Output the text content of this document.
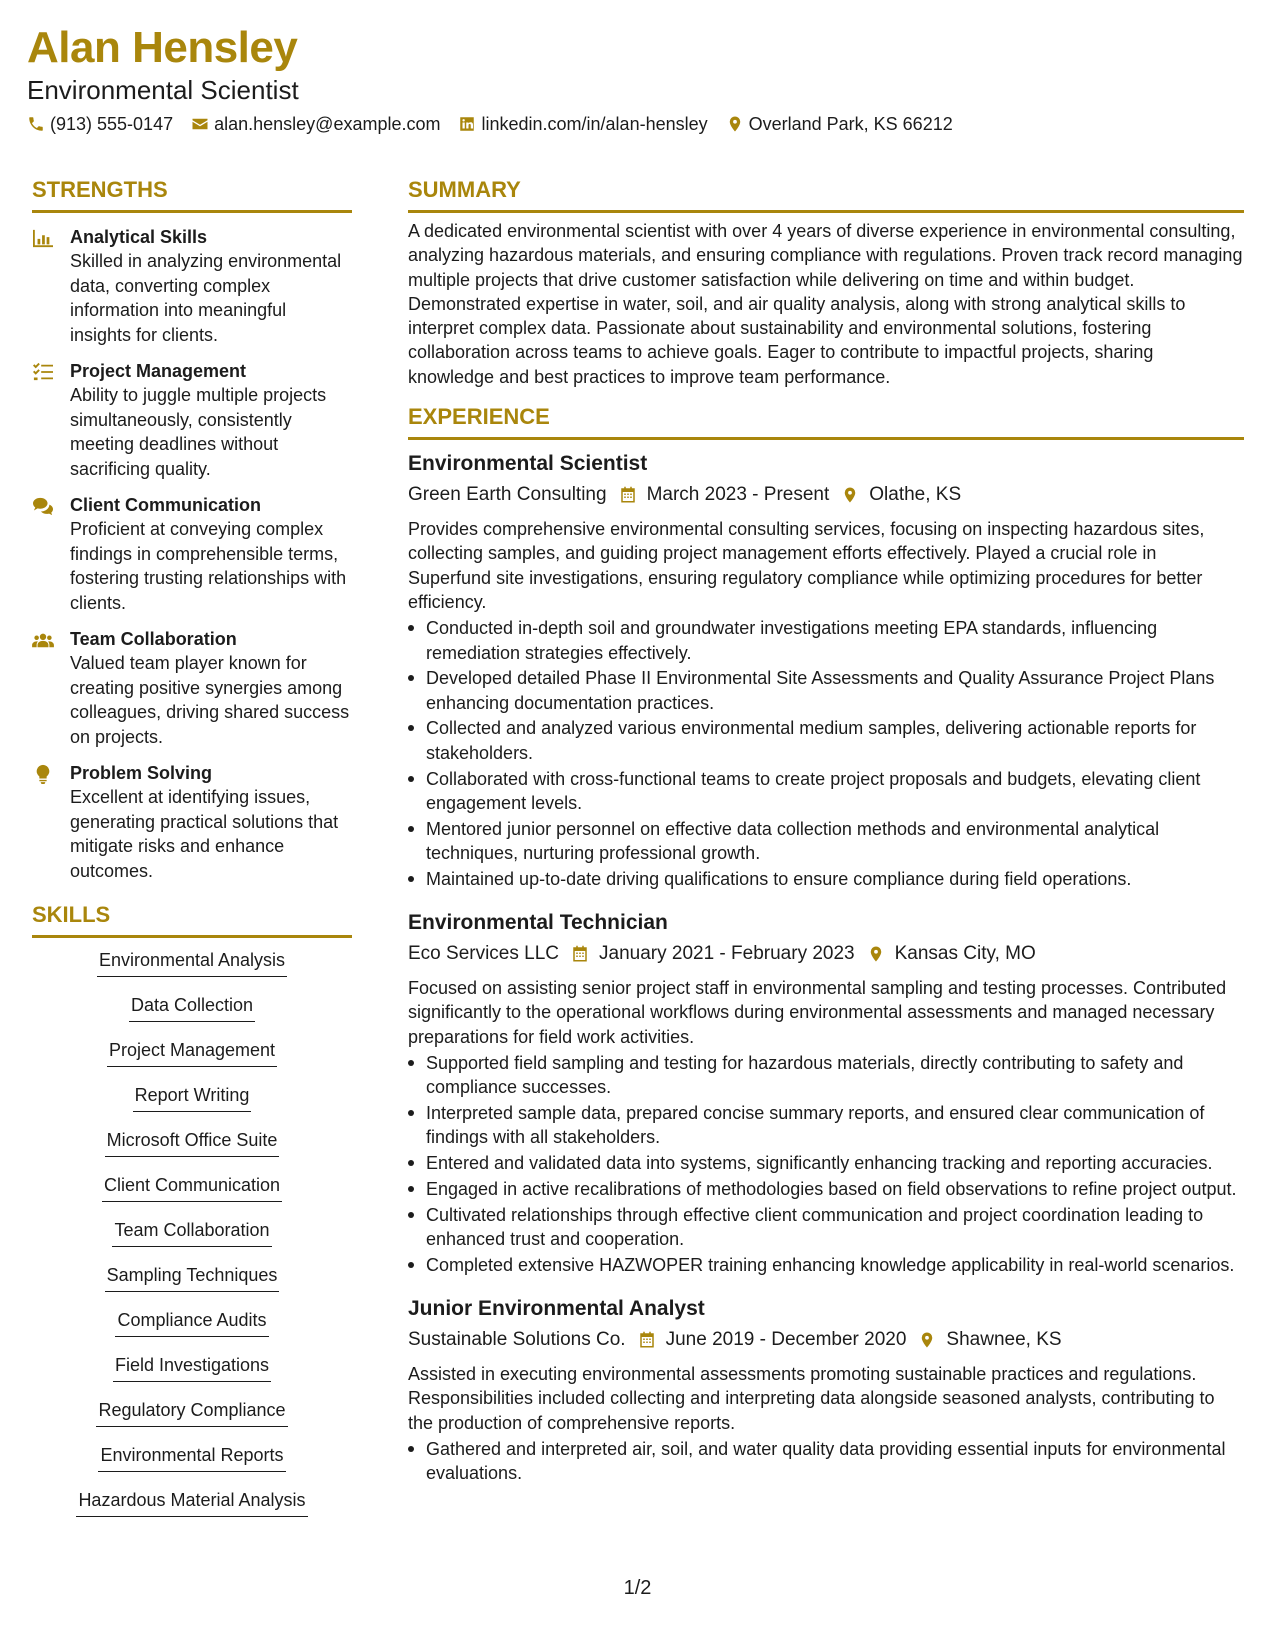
Alan Hensley
Environmental Scientist
(913) 555-0147 alan.hensley@example.com linkedin.com/in/alan-hensley Overland Park, KS 66212
STRENGTHS
Analytical Skills
Skilled in analyzing environmental data, converting complex information into meaningful insights for clients.
Project Management
Ability to juggle multiple projects simultaneously, consistently meeting deadlines without sacrificing quality.
Client Communication
Proficient at conveying complex findings in comprehensible terms, fostering trusting relationships with clients.
Team Collaboration
Valued team player known for creating positive synergies among colleagues, driving shared success on projects.
Problem Solving
Excellent at identifying issues, generating practical solutions that mitigate risks and enhance outcomes.
SKILLS
Environmental Analysis
Data Collection
Project Management
Report Writing
Microsoft Office Suite
Client Communication
Team Collaboration
Sampling Techniques
Compliance Audits
Field Investigations
Regulatory Compliance
Environmental Reports
Hazardous Material Analysis
SUMMARY

A dedicated environmental scientist with over 4 years of diverse experience in environmental consulting, analyzing hazardous materials, and ensuring compliance with regulations. Proven track record managing multiple projects that drive customer satisfaction while delivering on time and within budget. Demonstrated expertise in water, soil, and air quality analysis, along with strong analytical skills to interpret complex data. Passionate about sustainability and environmental solutions, fostering collaboration across teams to achieve goals. Eager to contribute to impactful projects, sharing knowledge and best practices to improve team performance.

EXPERIENCE
Environmental Scientist
Green Earth Consulting March 2023 - Present Olathe, KS

Provides comprehensive environmental consulting services, focusing on inspecting hazardous sites, collecting samples, and guiding project management efforts effectively. Played a crucial role in Superfund site investigations, ensuring regulatory compliance while optimizing procedures for better efficiency.

Conducted in-depth soil and groundwater investigations meeting EPA standards, influencing remediation strategies effectively.
Developed detailed Phase II Environmental Site Assessments and Quality Assurance Project Plans enhancing documentation practices.
Collected and analyzed various environmental medium samples, delivering actionable reports for stakeholders.
Collaborated with cross-functional teams to create project proposals and budgets, elevating client engagement levels.
Mentored junior personnel on effective data collection methods and environmental analytical techniques, nurturing professional growth.
Maintained up-to-date driving qualifications to ensure compliance during field operations.
Environmental Technician
Eco Services LLC January 2021 - February 2023 Kansas City, MO

Focused on assisting senior project staff in environmental sampling and testing processes. Contributed significantly to the operational workflows during environmental assessments and managed necessary preparations for field work activities.

Supported field sampling and testing for hazardous materials, directly contributing to safety and compliance successes.
Interpreted sample data, prepared concise summary reports, and ensured clear communication of findings with all stakeholders.
Entered and validated data into systems, significantly enhancing tracking and reporting accuracies.
Engaged in active recalibrations of methodologies based on field observations to refine project output.
Cultivated relationships through effective client communication and project coordination leading to enhanced trust and cooperation.
Completed extensive HAZWOPER training enhancing knowledge applicability in real-world scenarios.
Junior Environmental Analyst
Sustainable Solutions Co. June 2019 - December 2020 Shawnee, KS

Assisted in executing environmental assessments promoting sustainable practices and regulations. Responsibilities included collecting and interpreting data alongside seasoned analysts, contributing to the production of comprehensive reports.

Gathered and interpreted air, soil, and water quality data providing essential inputs for environmental evaluations.
1/2
